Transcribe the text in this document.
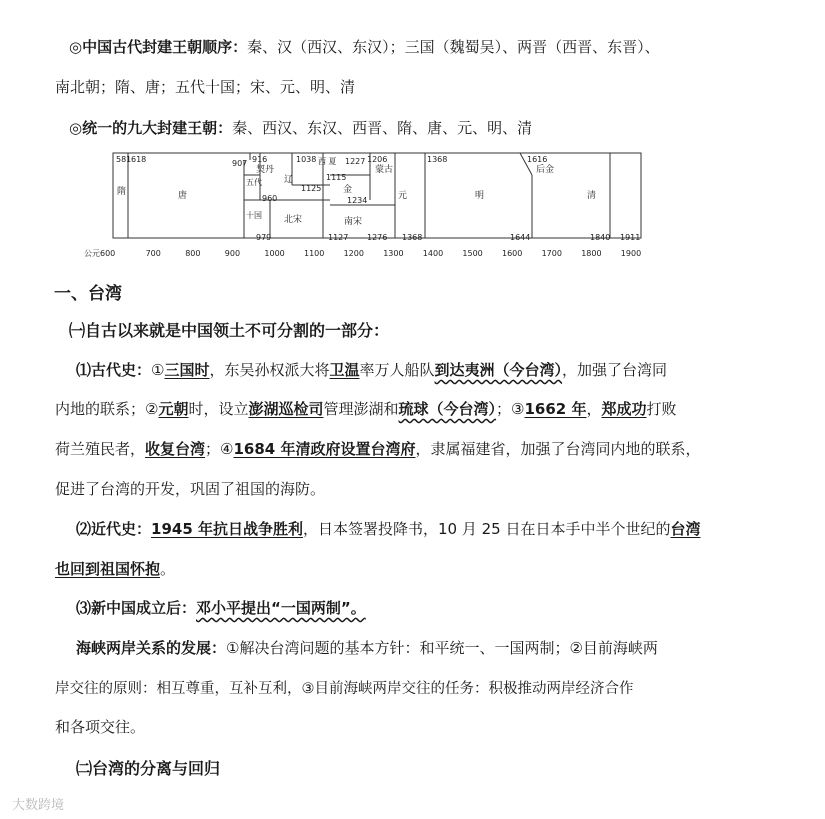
◎中国古代封建王朝顺序：秦、汉（西汉、东汉）；三国（魏蜀吴）、两晋（西晋、东晋）、
南北朝；隋、唐；五代十国；宋、元、明、清
◎统一的九大封建王朝：秦、西汉、东汉、西晋、隋、唐、元、明、清
581 618	907 916	1038 西 夏 1227 1206
1115
1125
960	1234
979	1127 1276 1368
1368	1616
1644	1840 1911
隋	唐
契丹
五代 辽
金
蒙古
十国 北宋	南宋
元	明
后金
清
公元600	700	800	900	1000 1100 1200 1300 1400 1500 1600 1700 1800 1900
一、台湾
㈠自古以来就是中国领土不可分割的一部分：
⑴古代史：①三国时，东吴孙权派大将卫温率万人船队到达夷洲（今台湾），加强了台湾同
内地的联系；②元朝时，设立澎湖巡检司管理澎湖和琉球（今台湾）；③1662 年，郑成功打败
荷兰殖民者，收复台湾；④1684 年清政府设置台湾府，隶属福建省，加强了台湾同内地的联系，
促进了台湾的开发，巩固了祖国的海防。
⑵近代史：1945 年抗日战争胜利，日本签署投降书，10 月 25 日在日本手中半个世纪的台湾
也回到祖国怀抱。
⑶新中国成立后：邓小平提出“一国两制”。
海峡两岸关系的发展：①解决台湾问题的基本方针：和平统一、一国两制；②目前海峡两
岸交往的原则：相互尊重，互补互利，③目前海峡两岸交往的任务：积极推动两岸经济合作
和各项交往。
㈡台湾的分离与回归
大数跨境
